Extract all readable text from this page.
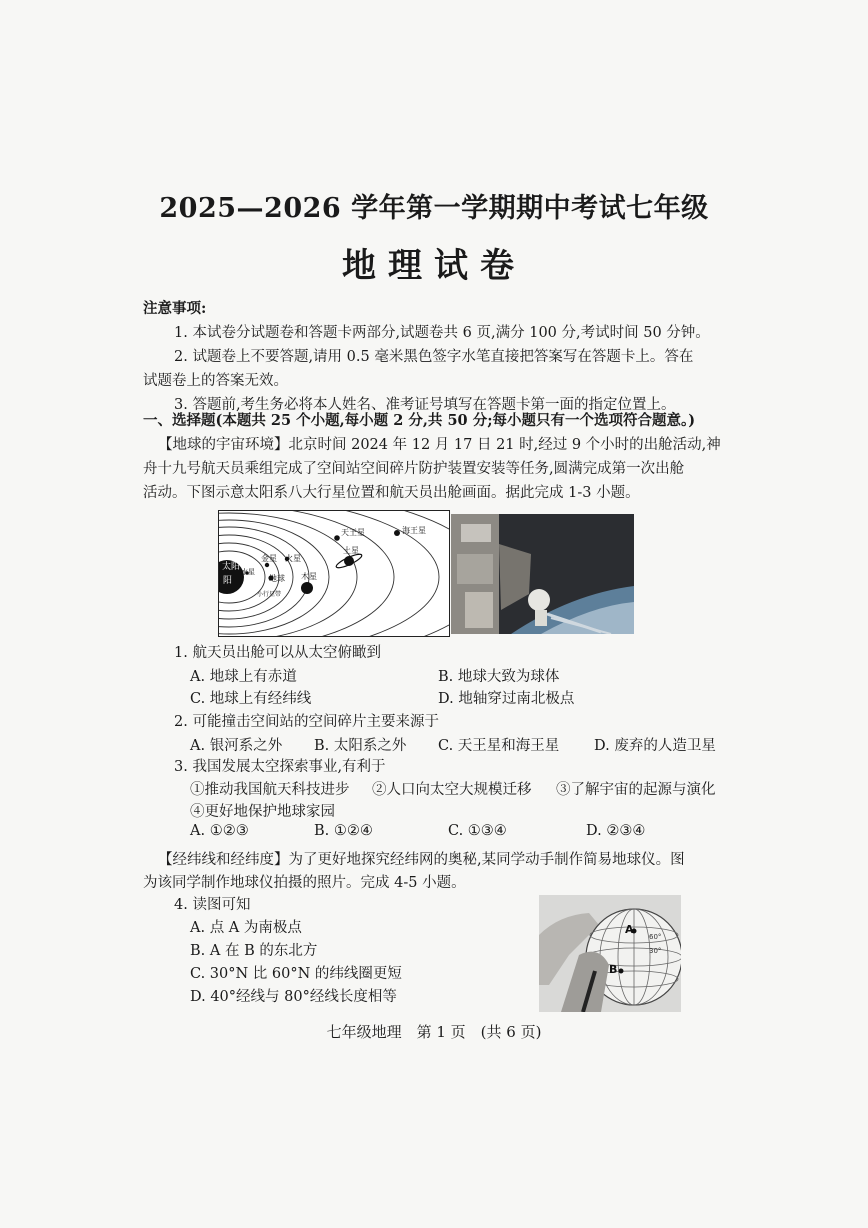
2025—2026 学年第一学期期中考试七年级
地理试卷
注意事项:
1. 本试卷分试题卷和答题卡两部分,试题卷共 6 页,满分 100 分,考试时间 50 分钟。
2. 试题卷上不要答题,请用 0.5 毫米黑色签字水笔直接把答案写在答题卡上。答在
试题卷上的答案无效。
3. 答题前,考生务必将本人姓名、准考证号填写在答题卡第一面的指定位置上。
一、选择题(本题共 25 个小题,每小题 2 分,共 50 分;每小题只有一个选项符合题意。)
【地球的宇宙环境】北京时间 2024 年 12 月 17 日 21 时,经过 9 个小时的出舱活动,神
舟十九号航天员乘组完成了空间站空间碎片防护装置安装等任务,圆满完成第一次出舱
活动。下图示意太阳系八大行星位置和航天员出舱画面。据此完成 1-3 小题。
太阳
阳
水星
金星 火星
地球 木星
小行星带
土星
天王星	海王星
1. 航天员出舱可以从太空俯瞰到
A. 地球上有赤道	B. 地球大致为球体
C. 地球上有经纬线	D. 地轴穿过南北极点
2. 可能撞击空间站的空间碎片主要来源于
A. 银河系之外 B. 太阳系之外 C. 天王星和海王星 D. 废弃的人造卫星
3. 我国发展太空探索事业,有利于
①推动我国航天科技进步 ②人口向太空大规模迁移 ③了解宇宙的起源与演化
④更好地保护地球家园
A. ①②③	B. ①②④	C. ①③④	D. ②③④
【经纬线和经纬度】为了更好地探究经纬网的奥秘,某同学动手制作简易地球仪。图
为该同学制作地球仪拍摄的照片。完成 4-5 小题。
4. 读图可知
A. 点 A 为南极点
B. A 在 B 的东北方
C. 30°N 比 60°N 的纬线圈更短
D. 40°经线与 80°经线长度相等
A
B
30°
60°
七年级地理　第 1 页　(共 6 页)
